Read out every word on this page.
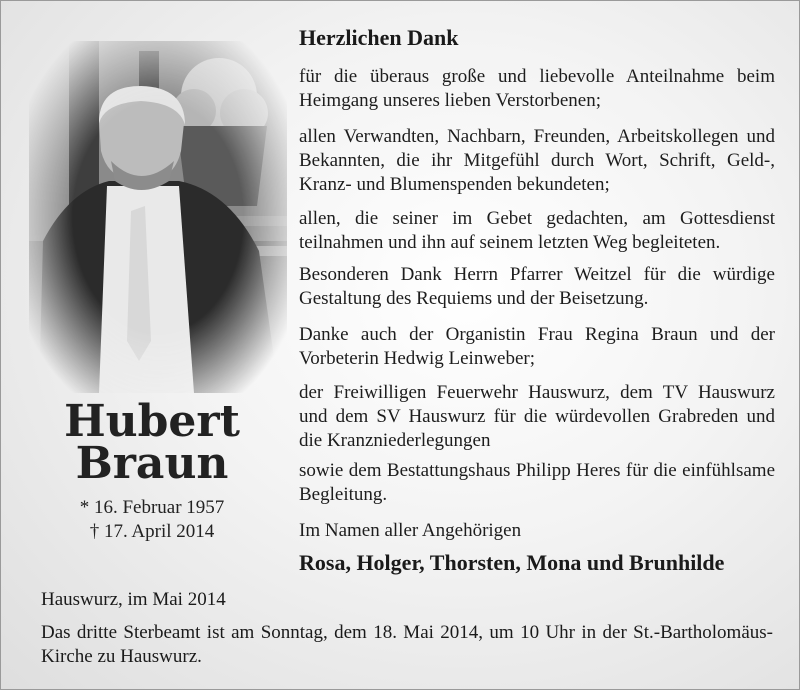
Hubert
Braun
* 16. Februar 1957
† 17. April 2014
Herzlichen Dank
für die überaus große und liebevolle Anteilnahme beim Heimgang unseres lieben Verstorbenen;
allen Verwandten, Nachbarn, Freunden, Arbeitskollegen und Bekannten, die ihr Mitgefühl durch Wort, Schrift, Geld-, Kranz- und Blumenspenden bekundeten;
allen, die seiner im Gebet gedachten, am Gottesdienst teilnahmen und ihn auf seinem letzten Weg begleiteten.
Besonderen Dank Herrn Pfarrer Weitzel für die würdige Gestaltung des Requiems und der Beisetzung.
Danke auch der Organistin Frau Regina Braun und der Vorbeterin Hedwig Leinweber;
der Freiwilligen Feuerwehr Hauswurz, dem TV Hauswurz und dem SV Hauswurz für die würdevollen Grabreden und die Kranzniederlegungen
sowie dem Bestattungshaus Philipp Heres für die einfühlsame Begleitung.
Im Namen aller Angehörigen
Rosa, Holger, Thorsten, Mona und Brunhilde
Hauswurz, im Mai 2014
Das dritte Sterbeamt ist am Sonntag, dem 18. Mai 2014, um 10 Uhr in der St.-Bartholomäus-Kirche zu Hauswurz.
